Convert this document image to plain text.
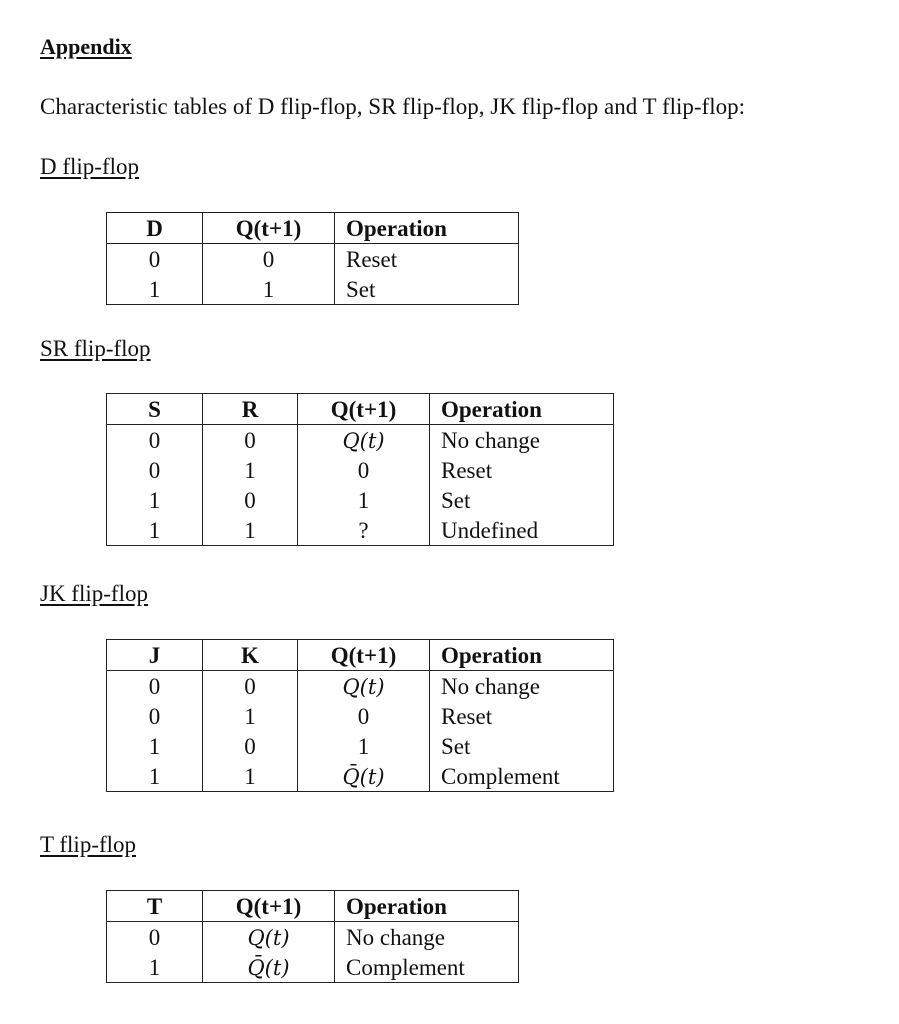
Appendix
Characteristic tables of D flip-flop, SR flip-flop, JK flip-flop and T flip-flop:
D flip-flop
D	Q(t+1)	Operation
0	0	Reset
1	1	Set
SR flip-flop
S	R	Q(t+1)	Operation
0	0	Q(t)	No change
0	1	0	Reset
1	0	1	Set
1	1	?	Undefined
JK flip-flop
J	K	Q(t+1)	Operation
0	0	Q(t)	No change
0	1	0	Reset
1	0	1	Set
1	1	Q̄(t)	Complement
T flip-flop
T	Q(t+1)	Operation
0	Q(t)	No change
1	Q̄(t)	Complement
